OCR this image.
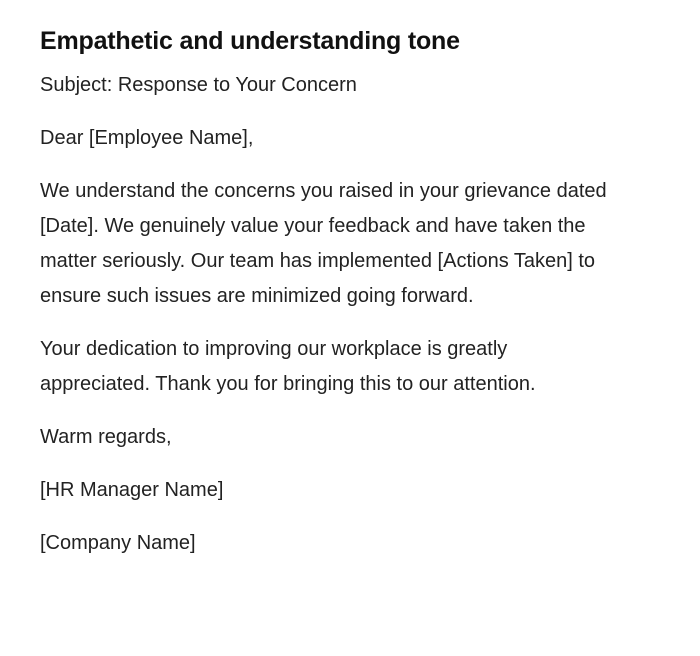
Empathetic and understanding tone

Subject: Response to Your Concern

Dear [Employee Name],

We understand the concerns you raised in your grievance dated [Date]. We genuinely value your feedback and have taken the matter seriously. Our team has implemented [Actions Taken] to ensure such issues are minimized going forward.

Your dedication to improving our workplace is greatly appreciated. Thank you for bringing this to our attention.

Warm regards,

[HR Manager Name]

[Company Name]
